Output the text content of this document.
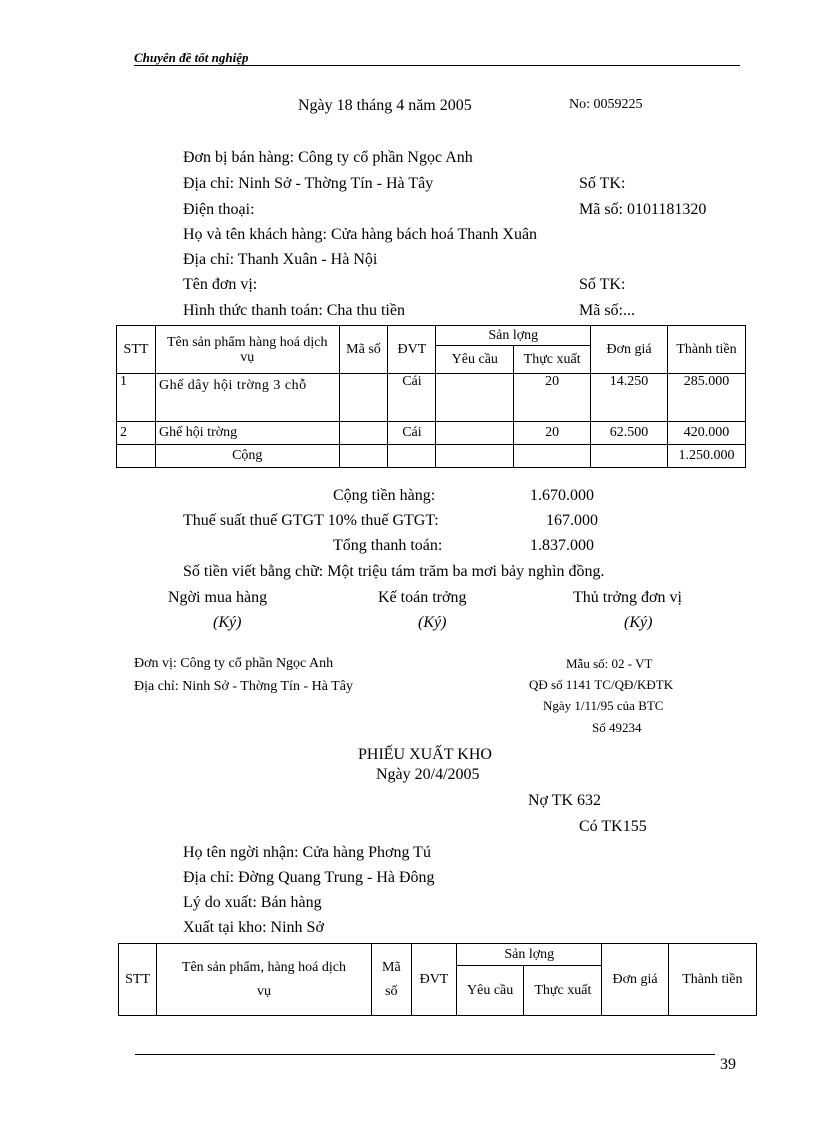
Chuyên đề tốt nghiệp
Ngày 18 tháng 4 năm 2005	No: 0059225
Đơn bị bán hàng: Công ty cổ phần Ngọc Anh
Địa chỉ: Ninh Sở - Thờng Tín - Hà Tây	Số TK:
Điện thoại:	Mã số: 0101181320
Họ và tên khách hàng: Cửa hàng bách hoá Thanh Xuân
Địa chỉ: Thanh Xuân - Hà Nội
Tên đơn vị:	Số TK:
Hình thức thanh toán: Cha thu tiền	Mã số:...
STT	Tên sản phẩm hàng hoá dịch vụ	Mã số	ĐVT	Sản lợng		Đơn giá	Thành tiền
				Yêu cầu	Thực xuất		
1	Ghế dây hội trờng 3 chỗ		Cái		20	14.250	285.000
2	Ghế hội trờng		Cái		20	62.500	420.000
	Cộng						1.250.000
Cộng tiền hàng:	1.670.000
Thuế suất thuế GTGT 10% thuế GTGT:	167.000
Tổng thanh toán:	1.837.000
Số tiền viết bằng chữ: Một triệu tám trăm ba mơi bảy nghìn đồng.
Ngời mua hàng	Kế toán trởng	Thủ trởng đơn vị
(Ký)	(Ký)	(Ký)
Đơn vị: Công ty cổ phần Ngọc Anh
Địa chỉ: Ninh Sở - Thờng Tín - Hà Tây
Mẫu số: 02 - VT
QĐ số 1141 TC/QĐ/KĐTK
Ngày 1/11/95 của BTC
Số 49234
PHIẾU XUẤT KHO
Ngày 20/4/2005
Nợ TK 632
Có TK155
Họ tên ngời nhận: Cửa hàng Phơng Tú
Địa chỉ: Đờng Quang Trung - Hà Đông
Lý do xuất: Bán hàng
Xuất tại kho: Ninh Sở
STT	Tên sản phẩm, hàng hoá dịch vụ	Mã số	ĐVT	Sản lợng		Đơn giá	Thành tiền
				Yêu cầu	Thực xuất		
39
